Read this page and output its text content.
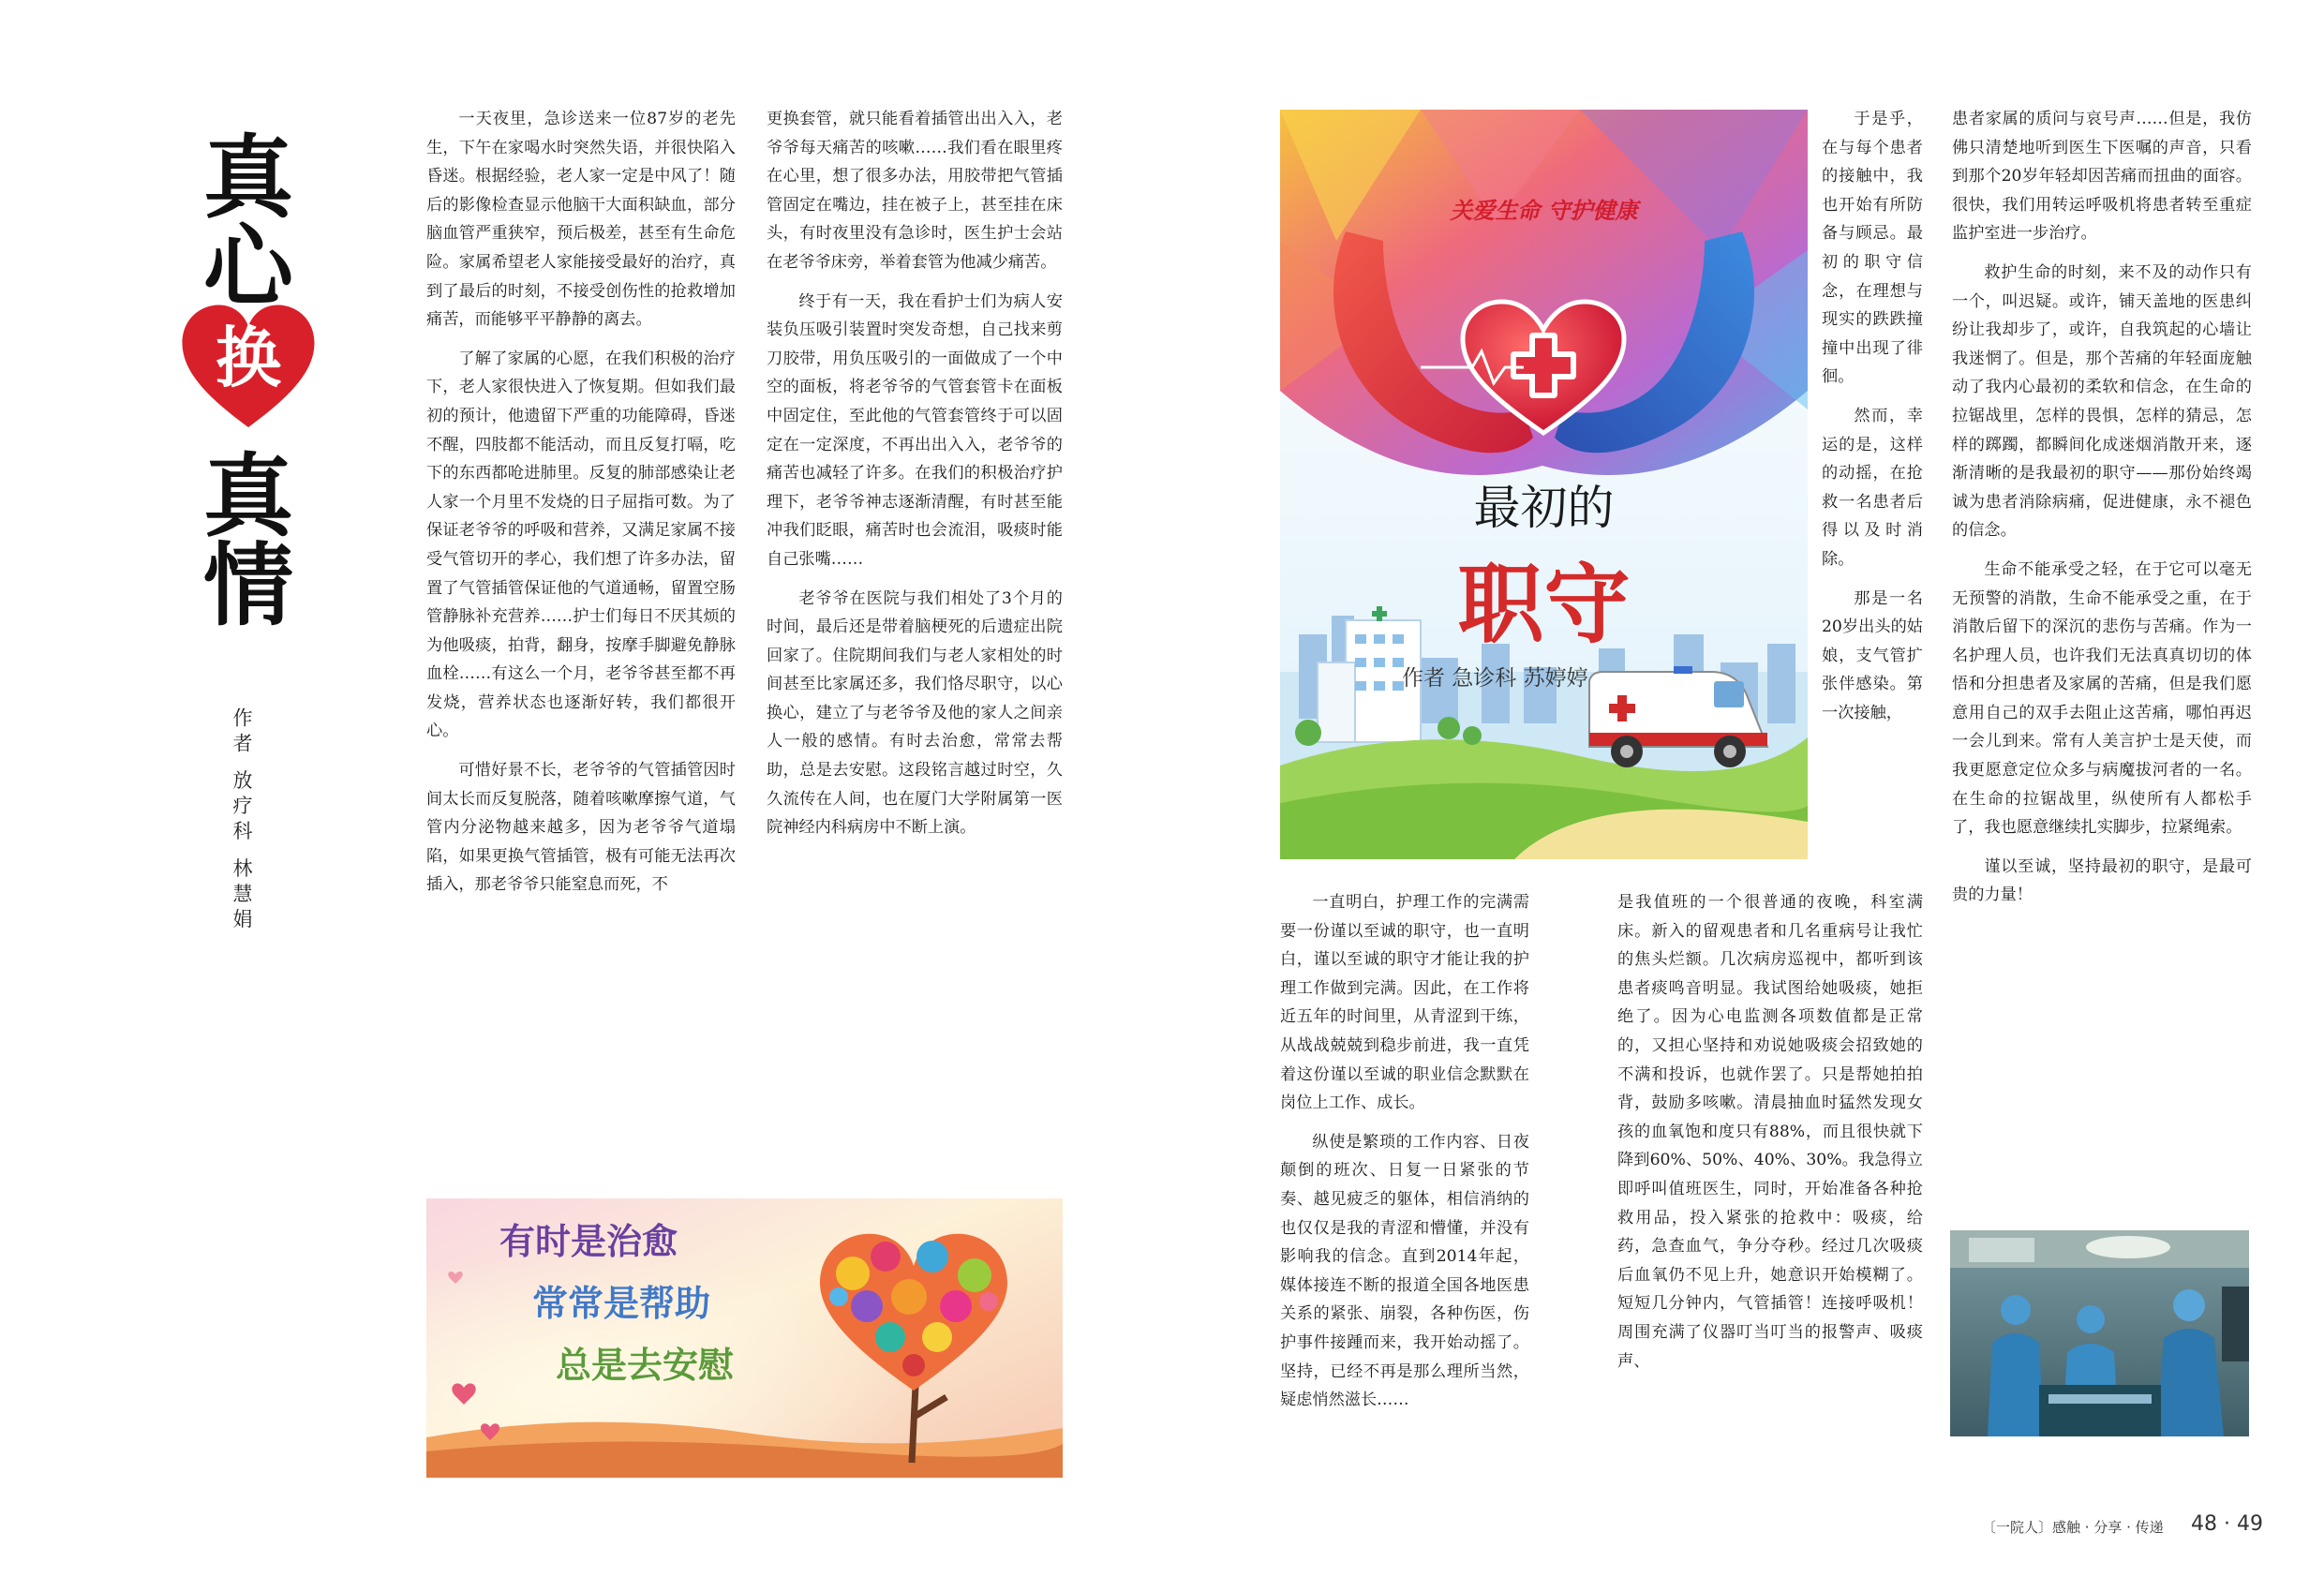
真
心
换
真
情
作者 放疗科 林慧娟

一天夜里，急诊送来一位87岁的老先生，下午在家喝水时突然失语，并很快陷入昏迷。根据经验，老人家一定是中风了！随后的影像检查显示他脑干大面积缺血，部分脑血管严重狭窄，预后极差，甚至有生命危险。家属希望老人家能接受最好的治疗，真到了最后的时刻，不接受创伤性的抢救增加痛苦，而能够平平静静的离去。

了解了家属的心愿，在我们积极的治疗下，老人家很快进入了恢复期。但如我们最初的预计，他遗留下严重的功能障碍，昏迷不醒，四肢都不能活动，而且反复打嗝，吃下的东西都呛进肺里。反复的肺部感染让老人家一个月里不发烧的日子屈指可数。为了保证老爷爷的呼吸和营养，又满足家属不接受气管切开的孝心，我们想了许多办法，留置了气管插管保证他的气道通畅，留置空肠管静脉补充营养……护士们每日不厌其烦的为他吸痰，拍背，翻身，按摩手脚避免静脉血栓……有这么一个月，老爷爷甚至都不再发烧，营养状态也逐渐好转，我们都很开心。

可惜好景不长，老爷爷的气管插管因时间太长而反复脱落，随着咳嗽摩擦气道，气管内分泌物越来越多，因为老爷爷气道塌陷，如果更换气管插管，极有可能无法再次插入，那老爷爷只能窒息而死，不

更换套管，就只能看着插管出出入入，老爷爷每天痛苦的咳嗽……我们看在眼里疼在心里，想了很多办法，用胶带把气管插管固定在嘴边，挂在被子上，甚至挂在床头，有时夜里没有急诊时，医生护士会站在老爷爷床旁，举着套管为他减少痛苦。

终于有一天，我在看护士们为病人安装负压吸引装置时突发奇想，自己找来剪刀胶带，用负压吸引的一面做成了一个中空的面板，将老爷爷的气管套管卡在面板中固定住，至此他的气管套管终于可以固定在一定深度，不再出出入入，老爷爷的痛苦也减轻了许多。在我们的积极治疗护理下，老爷爷神志逐渐清醒，有时甚至能冲我们眨眼，痛苦时也会流泪，吸痰时能自己张嘴……

老爷爷在医院与我们相处了3个月的时间，最后还是带着脑梗死的后遗症出院回家了。住院期间我们与老人家相处的时间甚至比家属还多，我们恪尽职守，以心换心，建立了与老爷爷及他的家人之间亲人一般的感情。有时去治愈，常常去帮助，总是去安慰。这段铭言越过时空，久久流传在人间，也在厦门大学附属第一医院神经内科病房中不断上演。

有时是治愈
常常是帮助
总是去安慰
关爱生命 守护健康
最初的
职守
作者 急诊科 苏婷婷

于是乎，在与每个患者的接触中，我也开始有所防备与顾忌。最初的职守信念，在理想与现实的跌跌撞撞中出现了徘徊。

然而，幸运的是，这样的动摇，在抢救一名患者后得以及时消除。

那是一名20岁出头的姑娘，支气管扩张伴感染。第一次接触，

一直明白，护理工作的完满需要一份谨以至诚的职守，也一直明白，谨以至诚的职守才能让我的护理工作做到完满。因此，在工作将近五年的时间里，从青涩到干练，从战战兢兢到稳步前进，我一直凭着这份谨以至诚的职业信念默默在岗位上工作、成长。

纵使是繁琐的工作内容、日夜颠倒的班次、日复一日紧张的节奏、越见疲乏的躯体，相信消纳的也仅仅是我的青涩和懵懂，并没有影响我的信念。直到2014年起，媒体接连不断的报道全国各地医患关系的紧张、崩裂，各种伤医，伤护事件接踵而来，我开始动摇了。坚持，已经不再是那么理所当然，疑虑悄然滋长……

是我值班的一个很普通的夜晚，科室满床。新入的留观患者和几名重病号让我忙的焦头烂额。几次病房巡视中，都听到该患者痰鸣音明显。我试图给她吸痰，她拒绝了。因为心电监测各项数值都是正常的，又担心坚持和劝说她吸痰会招致她的不满和投诉，也就作罢了。只是帮她拍拍背，鼓励多咳嗽。清晨抽血时猛然发现女孩的血氧饱和度只有88%，而且很快就下降到60%、50%、40%、30%。我急得立即呼叫值班医生，同时，开始准备各种抢救用品，投入紧张的抢救中：吸痰，给药，急查血气，争分夺秒。经过几次吸痰后血氧仍不见上升，她意识开始模糊了。短短几分钟内，气管插管！连接呼吸机！周围充满了仪器叮当叮当的报警声、吸痰声、

患者家属的质问与哀号声……但是，我仿佛只清楚地听到医生下医嘱的声音，只看到那个20岁年轻却因苦痛而扭曲的面容。很快，我们用转运呼吸机将患者转至重症监护室进一步治疗。

救护生命的时刻，来不及的动作只有一个，叫迟疑。或许，铺天盖地的医患纠纷让我却步了，或许，自我筑起的心墙让我迷惘了。但是，那个苦痛的年轻面庞触动了我内心最初的柔软和信念，在生命的拉锯战里，怎样的畏惧，怎样的猜忌，怎样的踯躅，都瞬间化成迷烟消散开来，逐渐清晰的是我最初的职守——那份始终竭诚为患者消除病痛，促进健康，永不褪色的信念。

生命不能承受之轻，在于它可以毫无无预警的消散，生命不能承受之重，在于消散后留下的深沉的悲伤与苦痛。作为一名护理人员，也许我们无法真真切切的体悟和分担患者及家属的苦痛，但是我们愿意用自己的双手去阻止这苦痛，哪怕再迟一会儿到来。常有人美言护士是天使，而我更愿意定位众多与病魔拔河者的一名。在生命的拉锯战里，纵使所有人都松手了，我也愿意继续扎实脚步，拉紧绳索。

谨以至诚，坚持最初的职守，是最可贵的力量！

〔一院人〕感触 · 分享 · 传递 48 · 49
